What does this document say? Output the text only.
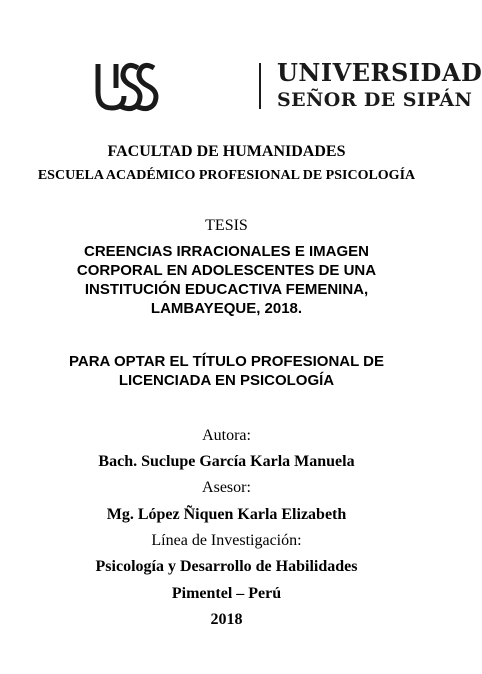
UNIVERSIDAD
SEÑOR DE SIPÁN
FACULTAD DE HUMANIDADES
ESCUELA ACADÉMICO PROFESIONAL DE PSICOLOGÍA
TESIS
CREENCIAS IRRACIONALES E IMAGEN
CORPORAL EN ADOLESCENTES DE UNA
INSTITUCIÓN EDUCACTIVA FEMENINA,
LAMBAYEQUE, 2018.
PARA OPTAR EL TÍTULO PROFESIONAL DE
LICENCIADA EN PSICOLOGÍA
Autora:
Bach. Suclupe García Karla Manuela
Asesor:
Mg. López Ñiquen Karla Elizabeth
Línea de Investigación:
Psicología y Desarrollo de Habilidades
Pimentel – Perú
2018
